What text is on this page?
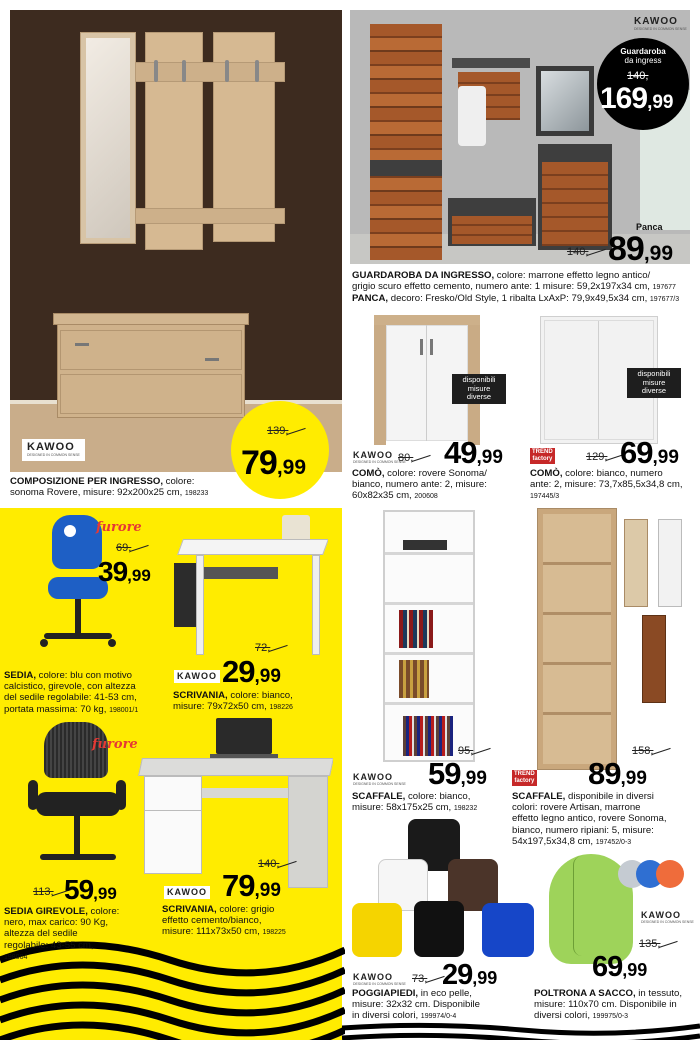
KAWOO
DESIGNED IN COMMON SENSE
139,
79,99
COMPOSIZIONE PER INGRESSO, colore:
sonoma Rovere, misure: 92x200x25 cm, 198233
KAWOO
DESIGNED IN COMMON SENSE
Guardaroba
da ingress
140,
169,99
Panca
140, 89,99
GUARDAROBA DA INGRESSO, colore: marrone effetto legno antico/
grigio scuro effetto cemento, numero ante: 1 misure: 59,2x197x34 cm, 197677
PANCA, decoro: Fresko/Old Style, 1 ribalta LxAxP: 79,9x49,5x34 cm, 197677/3
disponibili
misure
diverse
KAWOO
DESIGNED IN COMMON SENSE
80, 49,99
COMÒ, colore: rovere Sonoma/
bianco, numero ante: 2, misure:
60x82x35 cm, 200608
disponibili
misure
diverse
TREND
factory	129, 69,99
COMÒ, colore: bianco, numero
ante: 2, misure: 73,7x85,5x34,8 cm,
197445/3
furore
69,
39,99
SEDIA, colore: blu con motivo
calcistico, girevole, con altezza
del sedile regolabile: 41-53 cm,
portata massima: 70 kg, 198001/1
KAWOO
72,
29,99
SCRIVANIA, colore: bianco,
misure: 79x72x50 cm, 198226
furore
113, 59,99
SEDIA GIREVOLE, colore:
nero, max carico: 90 Kg,
altezza del sedile
regolabile: 43-55 cm,
198004
KAWOO
140,
79,99
SCRIVANIA, colore: grigio
effetto cemento/bianco,
misure: 111x73x50 cm, 198225
KAWOO
DESIGNED IN COMMON SENSE
95,
59,99
SCAFFALE, colore: bianco,
misure: 58x175x25 cm, 198232
TREND
factory
158,
89,99
SCAFFALE, disponibile in diversi
colori: rovere Artisan, marrone
effetto legno antico, rovere Sonoma,
bianco, numero ripiani: 5, misure:
54x197,5x34,8 cm, 197452/0-3
KAWOO
DESIGNED IN COMMON SENSE 73, 29,99
POGGIAPIEDI, in eco pelle,
misure: 32x32 cm. Disponibile
in diversi colori, 199974/0-4
KAWOO
DESIGNED IN COMMON SENSE
135,
69,99
POLTRONA A SACCO, in tessuto,
misure: 110x70 cm. Disponibile in
diversi colori, 199975/0-3
